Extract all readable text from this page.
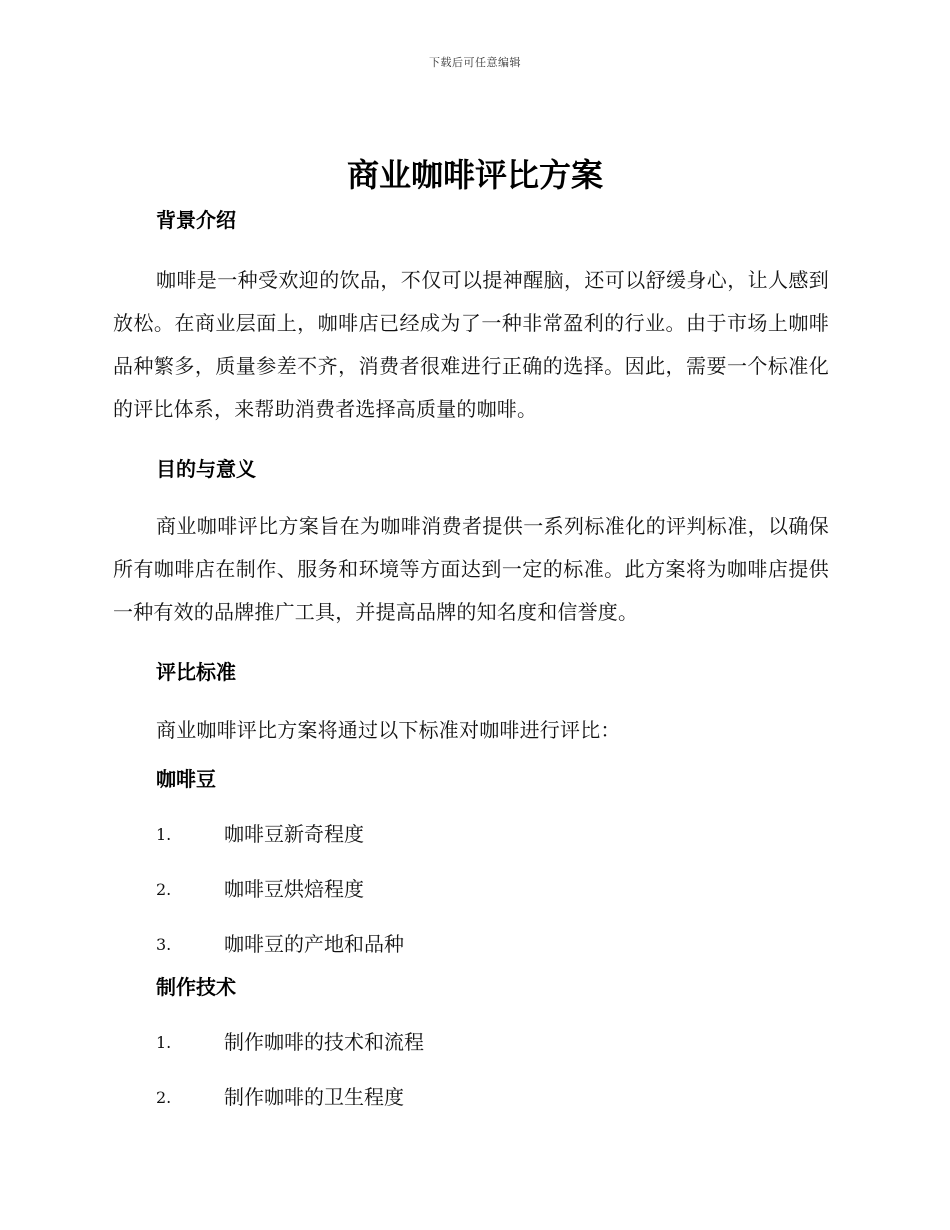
下载后可任意编辑
商业咖啡评比方案
背景介绍

咖啡是一种受欢迎的饮品，不仅可以提神醒脑，还可以舒缓身心，让人感到放松。在商业层面上，咖啡店已经成为了一种非常盈利的行业。由于市场上咖啡品种繁多，质量参差不齐，消费者很难进行正确的选择。因此，需要一个标准化的评比体系，来帮助消费者选择高质量的咖啡。

目的与意义

商业咖啡评比方案旨在为咖啡消费者提供一系列标准化的评判标准，以确保所有咖啡店在制作、服务和环境等方面达到一定的标准。此方案将为咖啡店提供一种有效的品牌推广工具，并提高品牌的知名度和信誉度。

评比标准

商业咖啡评比方案将通过以下标准对咖啡进行评比：

咖啡豆
1.	咖啡豆新奇程度
2.	咖啡豆烘焙程度
3.	咖啡豆的产地和品种
制作技术
1.	制作咖啡的技术和流程
2.	制作咖啡的卫生程度
